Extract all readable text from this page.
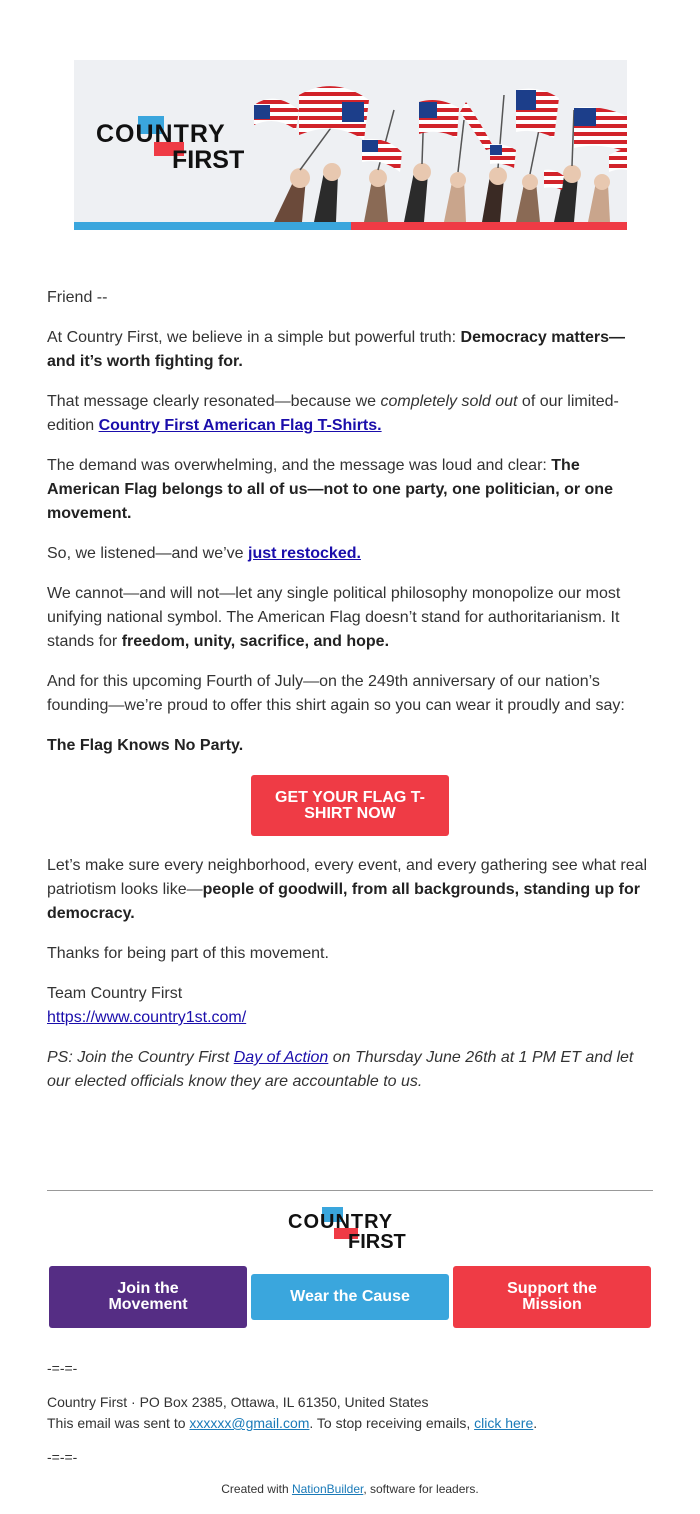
COUNTRY
FIRST

Friend --

At Country First, we believe in a simple but powerful truth: Democracy matters—and it’s worth fighting for.

That message clearly resonated—because we completely sold out of our limited-edition Country First American Flag T-Shirts.

The demand was overwhelming, and the message was loud and clear: The American Flag belongs to all of us—not to one party, one politician, or one movement.

So, we listened—and we’ve just restocked.

We cannot—and will not—let any single political philosophy monopolize our most unifying national symbol. The American Flag doesn’t stand for authoritarianism. It stands for freedom, unity, sacrifice, and hope.

And for this upcoming Fourth of July—on the 249th anniversary of our nation’s founding—we’re proud to offer this shirt again so you can wear it proudly and say:

The Flag Knows No Party.

Let’s make sure every neighborhood, every event, and every gathering see what real patriotism looks like—people of goodwill, from all backgrounds, standing up for democracy.

Thanks for being part of this movement.

Team Country First
https://www.country1st.com/

PS: Join the Country First Day of Action on Thursday June 26th at 1 PM ET and let our elected officials know they are accountable to us.

GET YOUR FLAG T-SHIRT NOW
COUNTRY
FIRST
Join the Movement	Wear the Cause	Support the Mission
-=-=-
Country First · PO Box 2385, Ottawa, IL 61350, United States
This email was sent to xxxxxx@gmail.com. To stop receiving emails, click here.
-=-=-
Created with NationBuilder, software for leaders.
